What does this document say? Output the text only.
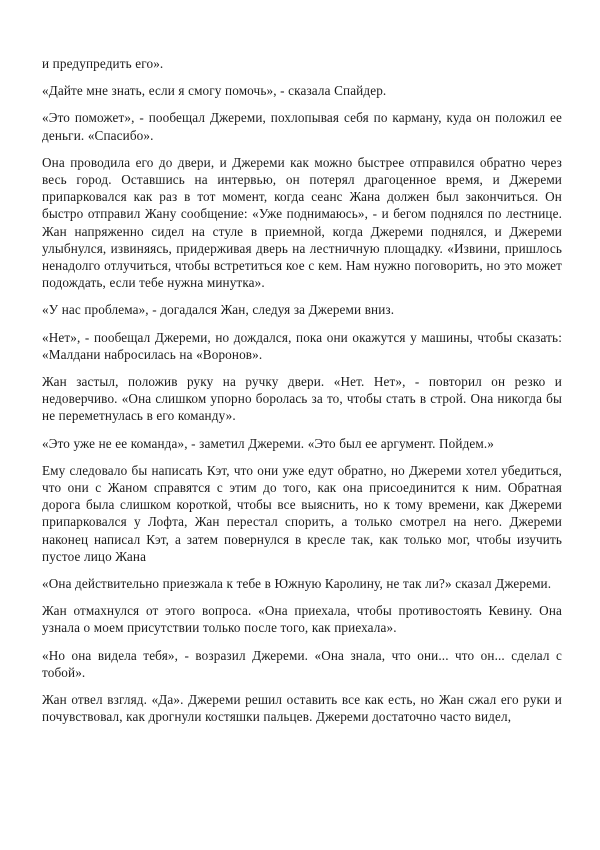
и предупредить его».

«Дайте мне знать, если я смогу помочь», - сказала Спайдер.

«Это поможет», - пообещал Джереми, похлопывая себя по карману, куда он положил ее деньги. «Спасибо».

Она проводила его до двери, и Джереми как можно быстрее отправился обратно через весь город. Оставшись на интервью, он потерял драгоценное время, и Джереми припарковался как раз в тот момент, когда сеанс Жана должен был закончиться. Он быстро отправил Жану сообщение: «Уже поднимаюсь», - и бегом поднялся по лестнице. Жан напряженно сидел на стуле в приемной, когда Джереми поднялся, и Джереми улыбнулся, извиняясь, придерживая дверь на лестничную площадку. «Извини, пришлось ненадолго отлучиться, чтобы встретиться кое с кем. Нам нужно поговорить, но это может подождать, если тебе нужна минутка».

«У нас проблема», - догадался Жан, следуя за Джереми вниз.

«Нет», - пообещал Джереми, но дождался, пока они окажутся у машины, чтобы сказать: «Малдани набросилась на «Воронов».

Жан застыл, положив руку на ручку двери. «Нет. Нет», - повторил он резко и недоверчиво. «Она слишком упорно боролась за то, чтобы стать в строй. Она никогда бы не переметнулась в его команду».

«Это уже не ее команда», - заметил Джереми. «Это был ее аргумент. Пойдем.»

Ему следовало бы написать Кэт, что они уже едут обратно, но Джереми хотел убедиться, что они с Жаном справятся с этим до того, как она присоединится к ним. Обратная дорога была слишком короткой, чтобы все выяснить, но к тому времени, как Джереми припарковался у Лофта, Жан перестал спорить, а только смотрел на него. Джереми наконец написал Кэт, а затем повернулся в кресле так, как только мог, чтобы изучить пустое лицо Жана

«Она действительно приезжала к тебе в Южную Каролину, не так ли?» сказал Джереми.

Жан отмахнулся от этого вопроса. «Она приехала, чтобы противостоять Кевину. Она узнала о моем присутствии только после того, как приехала».

«Но она видела тебя», - возразил Джереми. «Она знала, что они... что он... сделал с тобой».

Жан отвел взгляд. «Да». Джереми решил оставить все как есть, но Жан сжал его руки и почувствовал, как дрогнули костяшки пальцев. Джереми достаточно часто видел,
